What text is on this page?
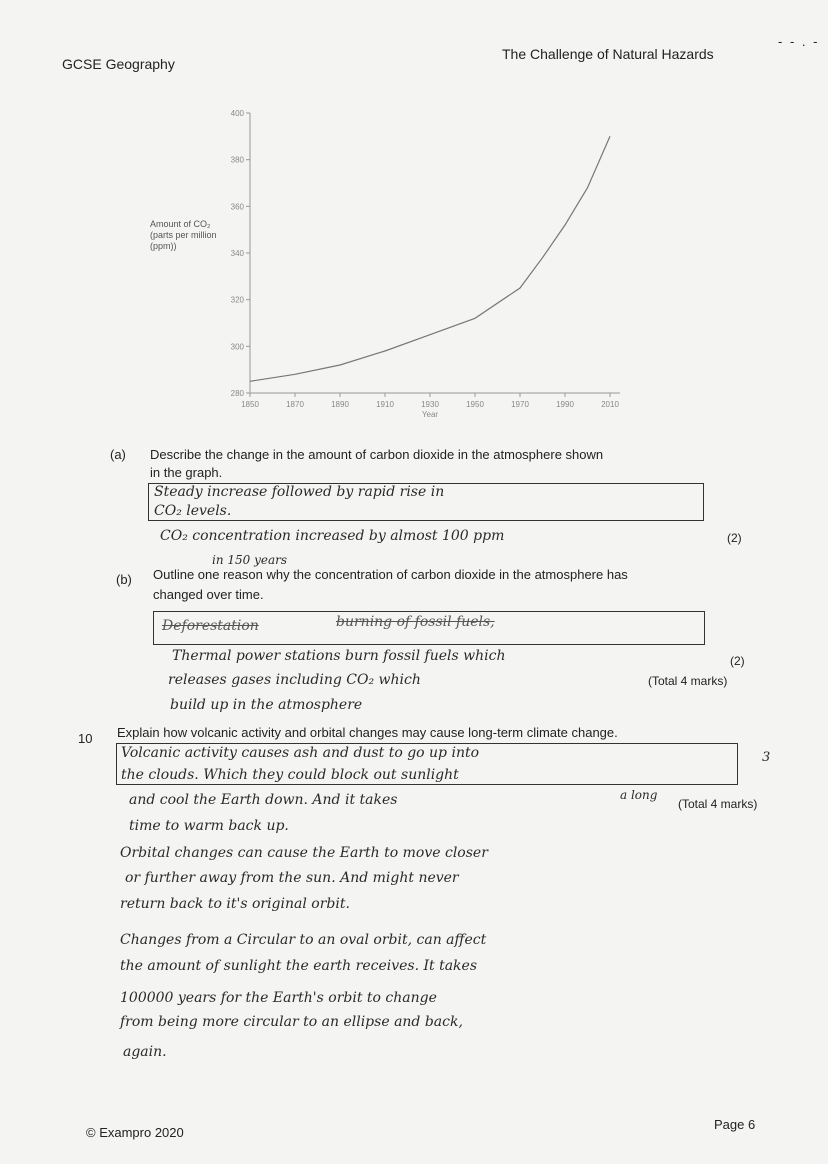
GCSE Geography
The Challenge of Natural Hazards
- - . -
Amount of CO₂ (parts per million (ppm))
280
300
320
340
360
380
400
1850	1870	1890	1910	1930	1950	1970	1990	2010
Year
(a) Describe the change in the amount of carbon dioxide in the atmosphere shown
in the graph.
Steady increase followed by rapid rise in
CO₂ levels.
CO₂ concentration increased by almost 100 ppm
in 150 years
(2)
(b) Outline one reason why the concentration of carbon dioxide in the atmosphere has
changed over time.
Deforestation	burning of fossil fuels,
Thermal power stations burn fossil fuels which
releases gases including CO₂ which
build up in the atmosphere
(2)
(Total 4 marks)
10 Explain how volcanic activity and orbital changes may cause long-term climate change.
Volcanic activity causes ash and dust to go up into
the clouds. Which they could block out sunlight
and cool the Earth down. And it takes	a long
(Total 4 marks)
3
time to warm back up.
Orbital changes can cause the Earth to move closer
or further away from the sun. And might never
return back to it's original orbit.
Changes from a Circular to an oval orbit, can affect
the amount of sunlight the earth receives. It takes
100000 years for the Earth's orbit to change
from being more circular to an ellipse and back,
again.
© Exampro 2020
Page 6
